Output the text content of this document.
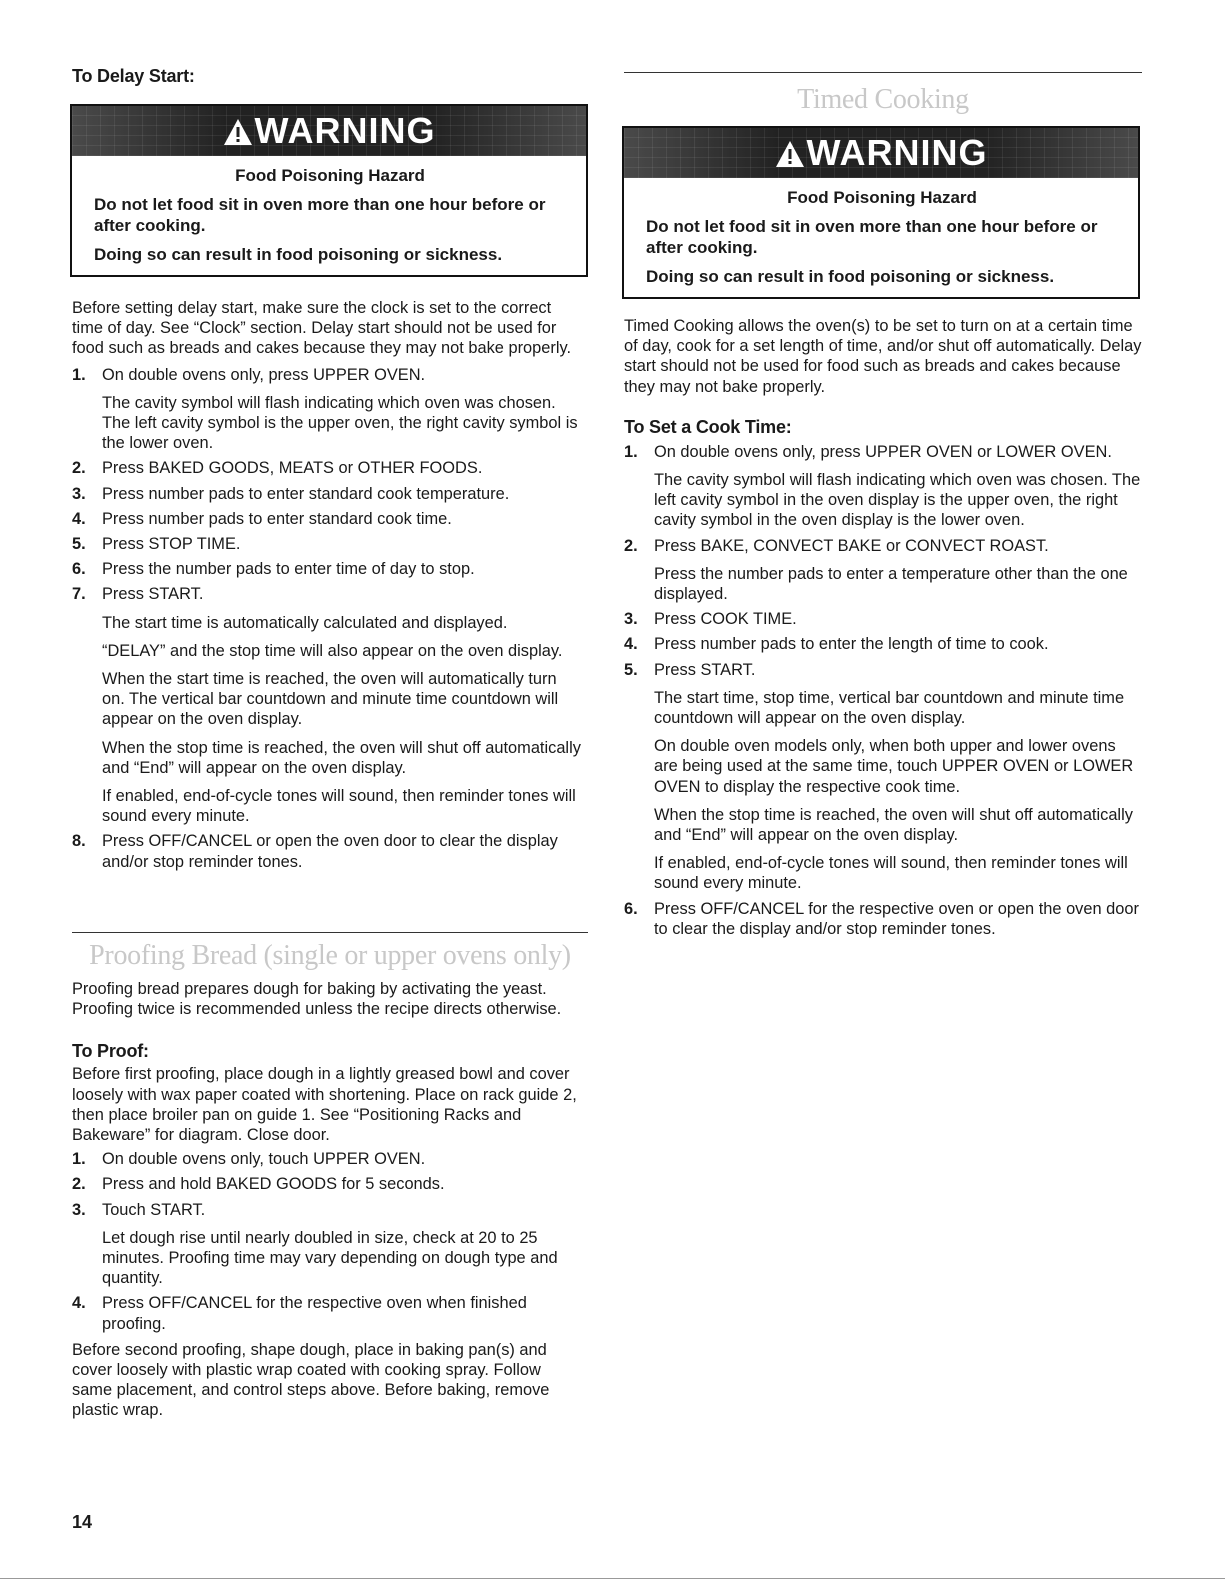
To Delay Start:
WARNING
Food Poisoning Hazard

Do not let food sit in oven more than one hour before or after cooking.

Doing so can result in food poisoning or sickness.

Before setting delay start, make sure the clock is set to the correct time of day. See “Clock” section. Delay start should not be used for food such as breads and cakes because they may not bake properly.

1. On double ovens only, press UPPER OVEN.

The cavity symbol will flash indicating which oven was chosen. The left cavity symbol is the upper oven, the right cavity symbol is the lower oven.

2. Press BAKED GOODS, MEATS or OTHER FOODS.

3. Press number pads to enter standard cook temperature.

4. Press number pads to enter standard cook time.

5. Press STOP TIME.

6. Press the number pads to enter time of day to stop.

7. Press START.

The start time is automatically calculated and displayed.

“DELAY” and the stop time will also appear on the oven display.

When the start time is reached, the oven will automatically turn on. The vertical bar countdown and minute time countdown will appear on the oven display.

When the stop time is reached, the oven will shut off automatically and “End” will appear on the oven display.

If enabled, end-of-cycle tones will sound, then reminder tones will sound every minute.

8. Press OFF/CANCEL or open the oven door to clear the display and/or stop reminder tones.

Proofing Bread (single or upper ovens only)

Proofing bread prepares dough for baking by activating the yeast. Proofing twice is recommended unless the recipe directs otherwise.

To Proof:

Before first proofing, place dough in a lightly greased bowl and cover loosely with wax paper coated with shortening. Place on rack guide 2, then place broiler pan on guide 1. See “Positioning Racks and Bakeware” for diagram. Close door.

1. On double ovens only, touch UPPER OVEN.

2. Press and hold BAKED GOODS for 5 seconds.

3. Touch START.

Let dough rise until nearly doubled in size, check at 20 to 25 minutes. Proofing time may vary depending on dough type and quantity.

4. Press OFF/CANCEL for the respective oven when finished proofing.

Before second proofing, shape dough, place in baking pan(s) and cover loosely with plastic wrap coated with cooking spray. Follow same placement, and control steps above. Before baking, remove plastic wrap.

Timed Cooking

WARNING
Food Poisoning Hazard

Do not let food sit in oven more than one hour before or after cooking.

Doing so can result in food poisoning or sickness.

Timed Cooking allows the oven(s) to be set to turn on at a certain time of day, cook for a set length of time, and/or shut off automatically. Delay start should not be used for food such as breads and cakes because they may not bake properly.

To Set a Cook Time:
1. On double ovens only, press UPPER OVEN or LOWER OVEN.

The cavity symbol will flash indicating which oven was chosen. The left cavity symbol in the oven display is the upper oven, the right cavity symbol in the oven display is the lower oven.

2. Press BAKE, CONVECT BAKE or CONVECT ROAST.

Press the number pads to enter a temperature other than the one displayed.

3. Press COOK TIME.

4. Press number pads to enter the length of time to cook.

5. Press START.

The start time, stop time, vertical bar countdown and minute time countdown will appear on the oven display.

On double oven models only, when both upper and lower ovens are being used at the same time, touch UPPER OVEN or LOWER OVEN to display the respective cook time.

When the stop time is reached, the oven will shut off automatically and “End” will appear on the oven display.

If enabled, end-of-cycle tones will sound, then reminder tones will sound every minute.

6. Press OFF/CANCEL for the respective oven or open the oven door to clear the display and/or stop reminder tones.

14
